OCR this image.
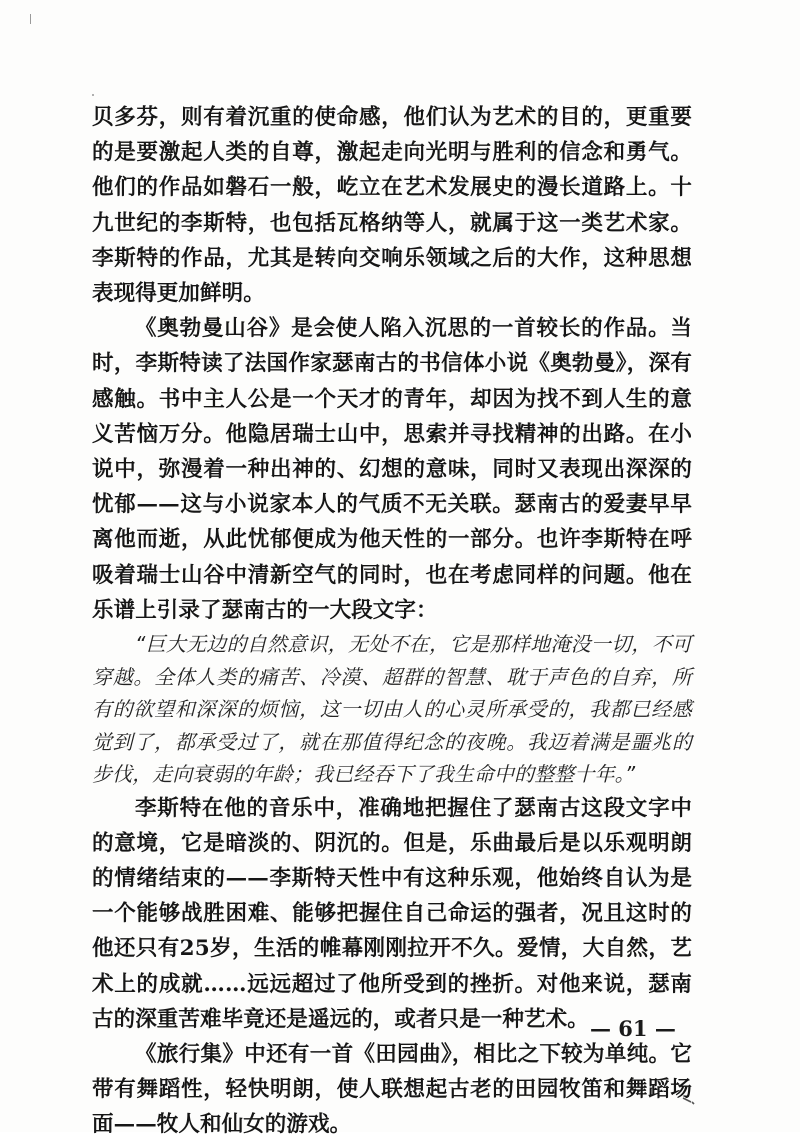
贝多芬，则有着沉重的使命感，他们认为艺术的目的，更重要的是要激起人类的自尊，激起走向光明与胜利的信念和勇气。他们的作品如磐石一般，屹立在艺术发展史的漫长道路上。十九世纪的李斯特，也包括瓦格纳等人，就属于这一类艺术家。李斯特的作品，尤其是转向交响乐领域之后的大作，这种思想表现得更加鲜明。

《奥勃曼山谷》是会使人陷入沉思的一首较长的作品。当时，李斯特读了法国作家瑟南古的书信体小说《奥勃曼》，深有感触。书中主人公是一个天才的青年，却因为找不到人生的意义苦恼万分。他隐居瑞士山中，思索并寻找精神的出路。在小说中，弥漫着一种出神的、幻想的意味，同时又表现出深深的忧郁——这与小说家本人的气质不无关联。瑟南古的爱妻早早离他而逝，从此忧郁便成为他天性的一部分。也许李斯特在呼吸着瑞士山谷中清新空气的同时，也在考虑同样的问题。他在乐谱上引录了瑟南古的一大段文字：

“巨大无边的自然意识，无处不在，它是那样地淹没一切，不可穿越。全体人类的痛苦、冷漠、超群的智慧、耽于声色的自弃，所有的欲望和深深的烦恼，这一切由人的心灵所承受的，我都已经感觉到了，都承受过了，就在那值得纪念的夜晚。我迈着满是噩兆的步伐，走向衰弱的年龄；我已经吞下了我生命中的整整十年。”

李斯特在他的音乐中，准确地把握住了瑟南古这段文字中的意境，它是暗淡的、阴沉的。但是，乐曲最后是以乐观明朗的情绪结束的——李斯特天性中有这种乐观，他始终自认为是一个能够战胜困难、能够把握住自己命运的强者，况且这时的他还只有25岁，生活的帷幕刚刚拉开不久。爱情，大自然，艺术上的成就……远远超过了他所受到的挫折。对他来说，瑟南古的深重苦难毕竟还是遥远的，或者只是一种艺术。

《旅行集》中还有一首《田园曲》，相比之下较为单纯。它带有舞蹈性，轻快明朗，使人联想起古老的田园牧笛和舞蹈场面——牧人和仙女的游戏。

— 61 —
